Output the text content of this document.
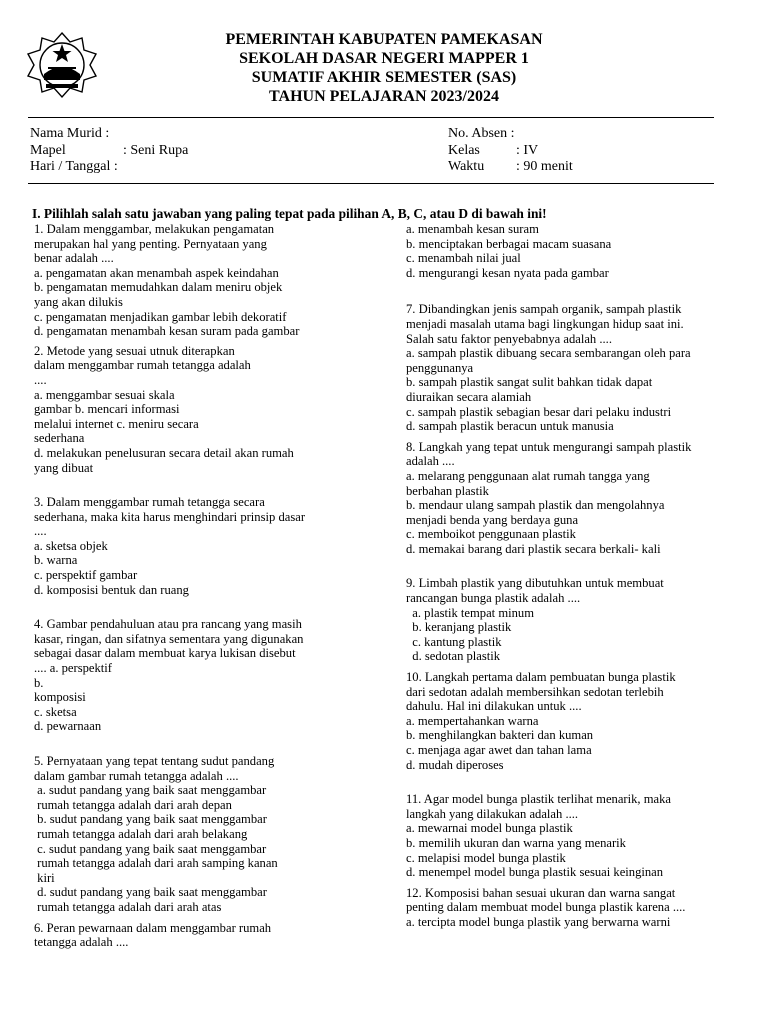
PEMERINTAH KABUPATEN PAMEKASAN
SEKOLAH DASAR NEGERI MAPPER 1
SUMATIF AKHIR SEMESTER (SAS)
TAHUN PELAJARAN 2023/2024
Nama Murid :
Mapel	: Seni Rupa
Hari / Tanggal :
No. Absen :
Kelas	: IV
Waktu : 90 menit
I. Pilihlah salah satu jawaban yang paling tepat pada pilihan A, B, C, atau D di bawah ini!
1. Dalam menggambar, melakukan pengamatan
merupakan hal yang penting. Pernyataan yang
benar adalah ....
a. pengamatan akan menambah aspek keindahan
b. pengamatan memudahkan dalam meniru objek
yang akan dilukis
c. pengamatan menjadikan gambar lebih dekoratif
d. pengamatan menambah kesan suram pada gambar
2. Metode yang sesuai utnuk diterapkan
dalam menggambar rumah tetangga adalah
....
a. menggambar sesuai skala
gambar b. mencari informasi
melalui internet c. meniru secara
sederhana
d. melakukan penelusuran secara detail akan rumah
yang dibuat
3. Dalam menggambar rumah tetangga secara
sederhana, maka kita harus menghindari prinsip dasar
....
a. sketsa objek
b. warna
c. perspektif gambar
d. komposisi bentuk dan ruang
4. Gambar pendahuluan atau pra rancang yang masih
kasar, ringan, dan sifatnya sementara yang digunakan
sebagai dasar dalam membuat karya lukisan disebut
.... a. perspektif
b.
komposisi
c. sketsa
d. pewarnaan
5. Pernyataan yang tepat tentang sudut pandang
dalam gambar rumah tetangga adalah ....
a. sudut pandang yang baik saat menggambar
rumah tetangga adalah dari arah depan
b. sudut pandang yang baik saat menggambar
rumah tetangga adalah dari arah belakang
c. sudut pandang yang baik saat menggambar
rumah tetangga adalah dari arah samping kanan
kiri
d. sudut pandang yang baik saat menggambar
rumah tetangga adalah dari arah atas
6. Peran pewarnaan dalam menggambar rumah
tetangga adalah ....
a. menambah kesan suram
b. menciptakan berbagai macam suasana
c. menambah nilai jual
d. mengurangi kesan nyata pada gambar
7. Dibandingkan jenis sampah organik, sampah plastik
menjadi masalah utama bagi lingkungan hidup saat ini.
Salah satu faktor penyebabnya adalah ....
a. sampah plastik dibuang secara sembarangan oleh para
penggunanya
b. sampah plastik sangat sulit bahkan tidak dapat
diuraikan secara alamiah
c. sampah plastik sebagian besar dari pelaku industri
d. sampah plastik beracun untuk manusia
8. Langkah yang tepat untuk mengurangi sampah plastik
adalah ....
a. melarang penggunaan alat rumah tangga yang
berbahan plastik
b. mendaur ulang sampah plastik dan mengolahnya
menjadi benda yang berdaya guna
c. memboikot penggunaan plastik
d. memakai barang dari plastik secara berkali- kali
9. Limbah plastik yang dibutuhkan untuk membuat
rancangan bunga plastik adalah ....
a. plastik tempat minum
b. keranjang plastik
c. kantung plastik
d. sedotan plastik
10. Langkah pertama dalam pembuatan bunga plastik
dari sedotan adalah membersihkan sedotan terlebih
dahulu. Hal ini dilakukan untuk ....
a. mempertahankan warna
b. menghilangkan bakteri dan kuman
c. menjaga agar awet dan tahan lama
d. mudah diperoses
11. Agar model bunga plastik terlihat menarik, maka
langkah yang dilakukan adalah ....
a. mewarnai model bunga plastik
b. memilih ukuran dan warna yang menarik
c. melapisi model bunga plastik
d. menempel model bunga plastik sesuai keinginan
12. Komposisi bahan sesuai ukuran dan warna sangat
penting dalam membuat model bunga plastik karena ....
a. tercipta model bunga plastik yang berwarna warni
